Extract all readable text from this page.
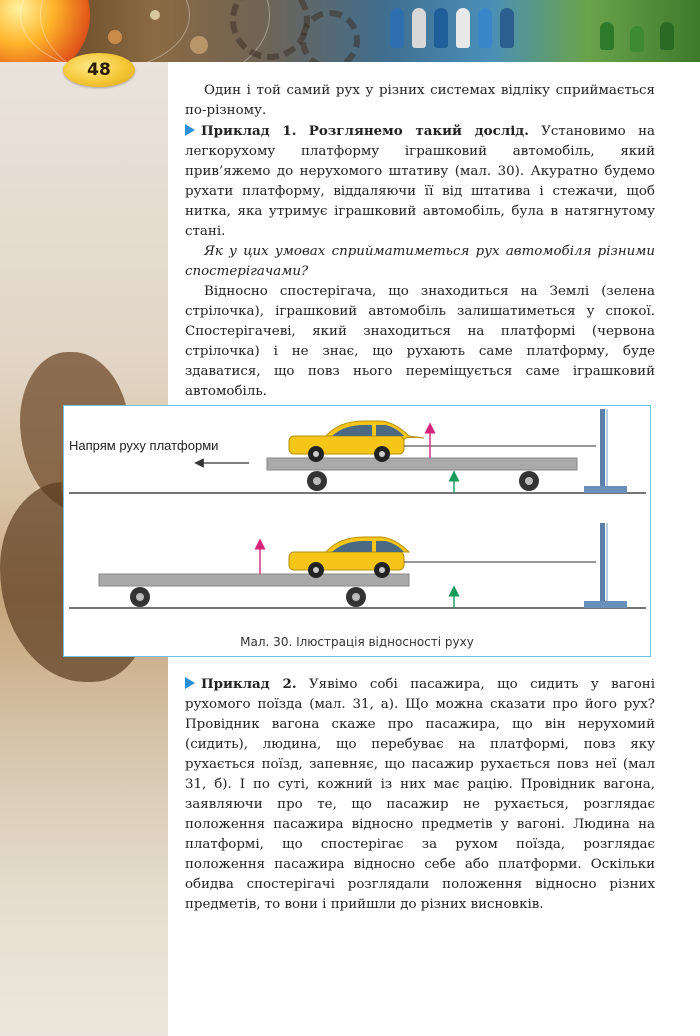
48

Один і той самий рух у різних системах відліку сприймається по-різному.

Приклад 1. Розглянемо такий дослід. Установимо на легкорухому платформу іграшковий автомобіль, який прив’яжемо до нерухомого штативу (мал. 30). Акуратно будемо рухати платформу, віддаляючи її від штатива і стежачи, щоб нитка, яка утримує іграшковий автомобіль, була в натягнутому стані.

Як у цих умовах сприйматиметься рух автомобіля різними спостерігачами?

Відносно спостерігача, що знаходиться на Землі (зелена стрілочка), іграшковий автомобіль залишатиметься у спокої. Спостерігачеві, який знаходиться на платформі (червона стрілочка) і не знає, що рухають саме платформу, буде здаватися, що повз нього переміщується саме іграшковий автомобіль.

Напрям руху платформи
Мал. 30. Ілюстрація відносності руху

Приклад 2. Уявімо собі пасажира, що сидить у вагоні рухомого поїзда (мал. 31, а). Що можна сказати про його рух? Провідник вагона скаже про пасажира, що він нерухомий (сидить), людина, що перебуває на платформі, повз яку рухається поїзд, запевняє, що пасажир рухається повз неї (мал 31, б). І по суті, кожний із них має рацію. Провідник вагона, заявляючи про те, що пасажир не рухається, розглядає положення пасажира відносно предметів у вагоні. Людина на платформі, що спостерігає за рухом поїзда, розглядає положення пасажира відносно себе або платформи. Оскільки обидва спостерігачі розглядали положення відносно різних предметів, то вони і прийшли до різних висновків.
